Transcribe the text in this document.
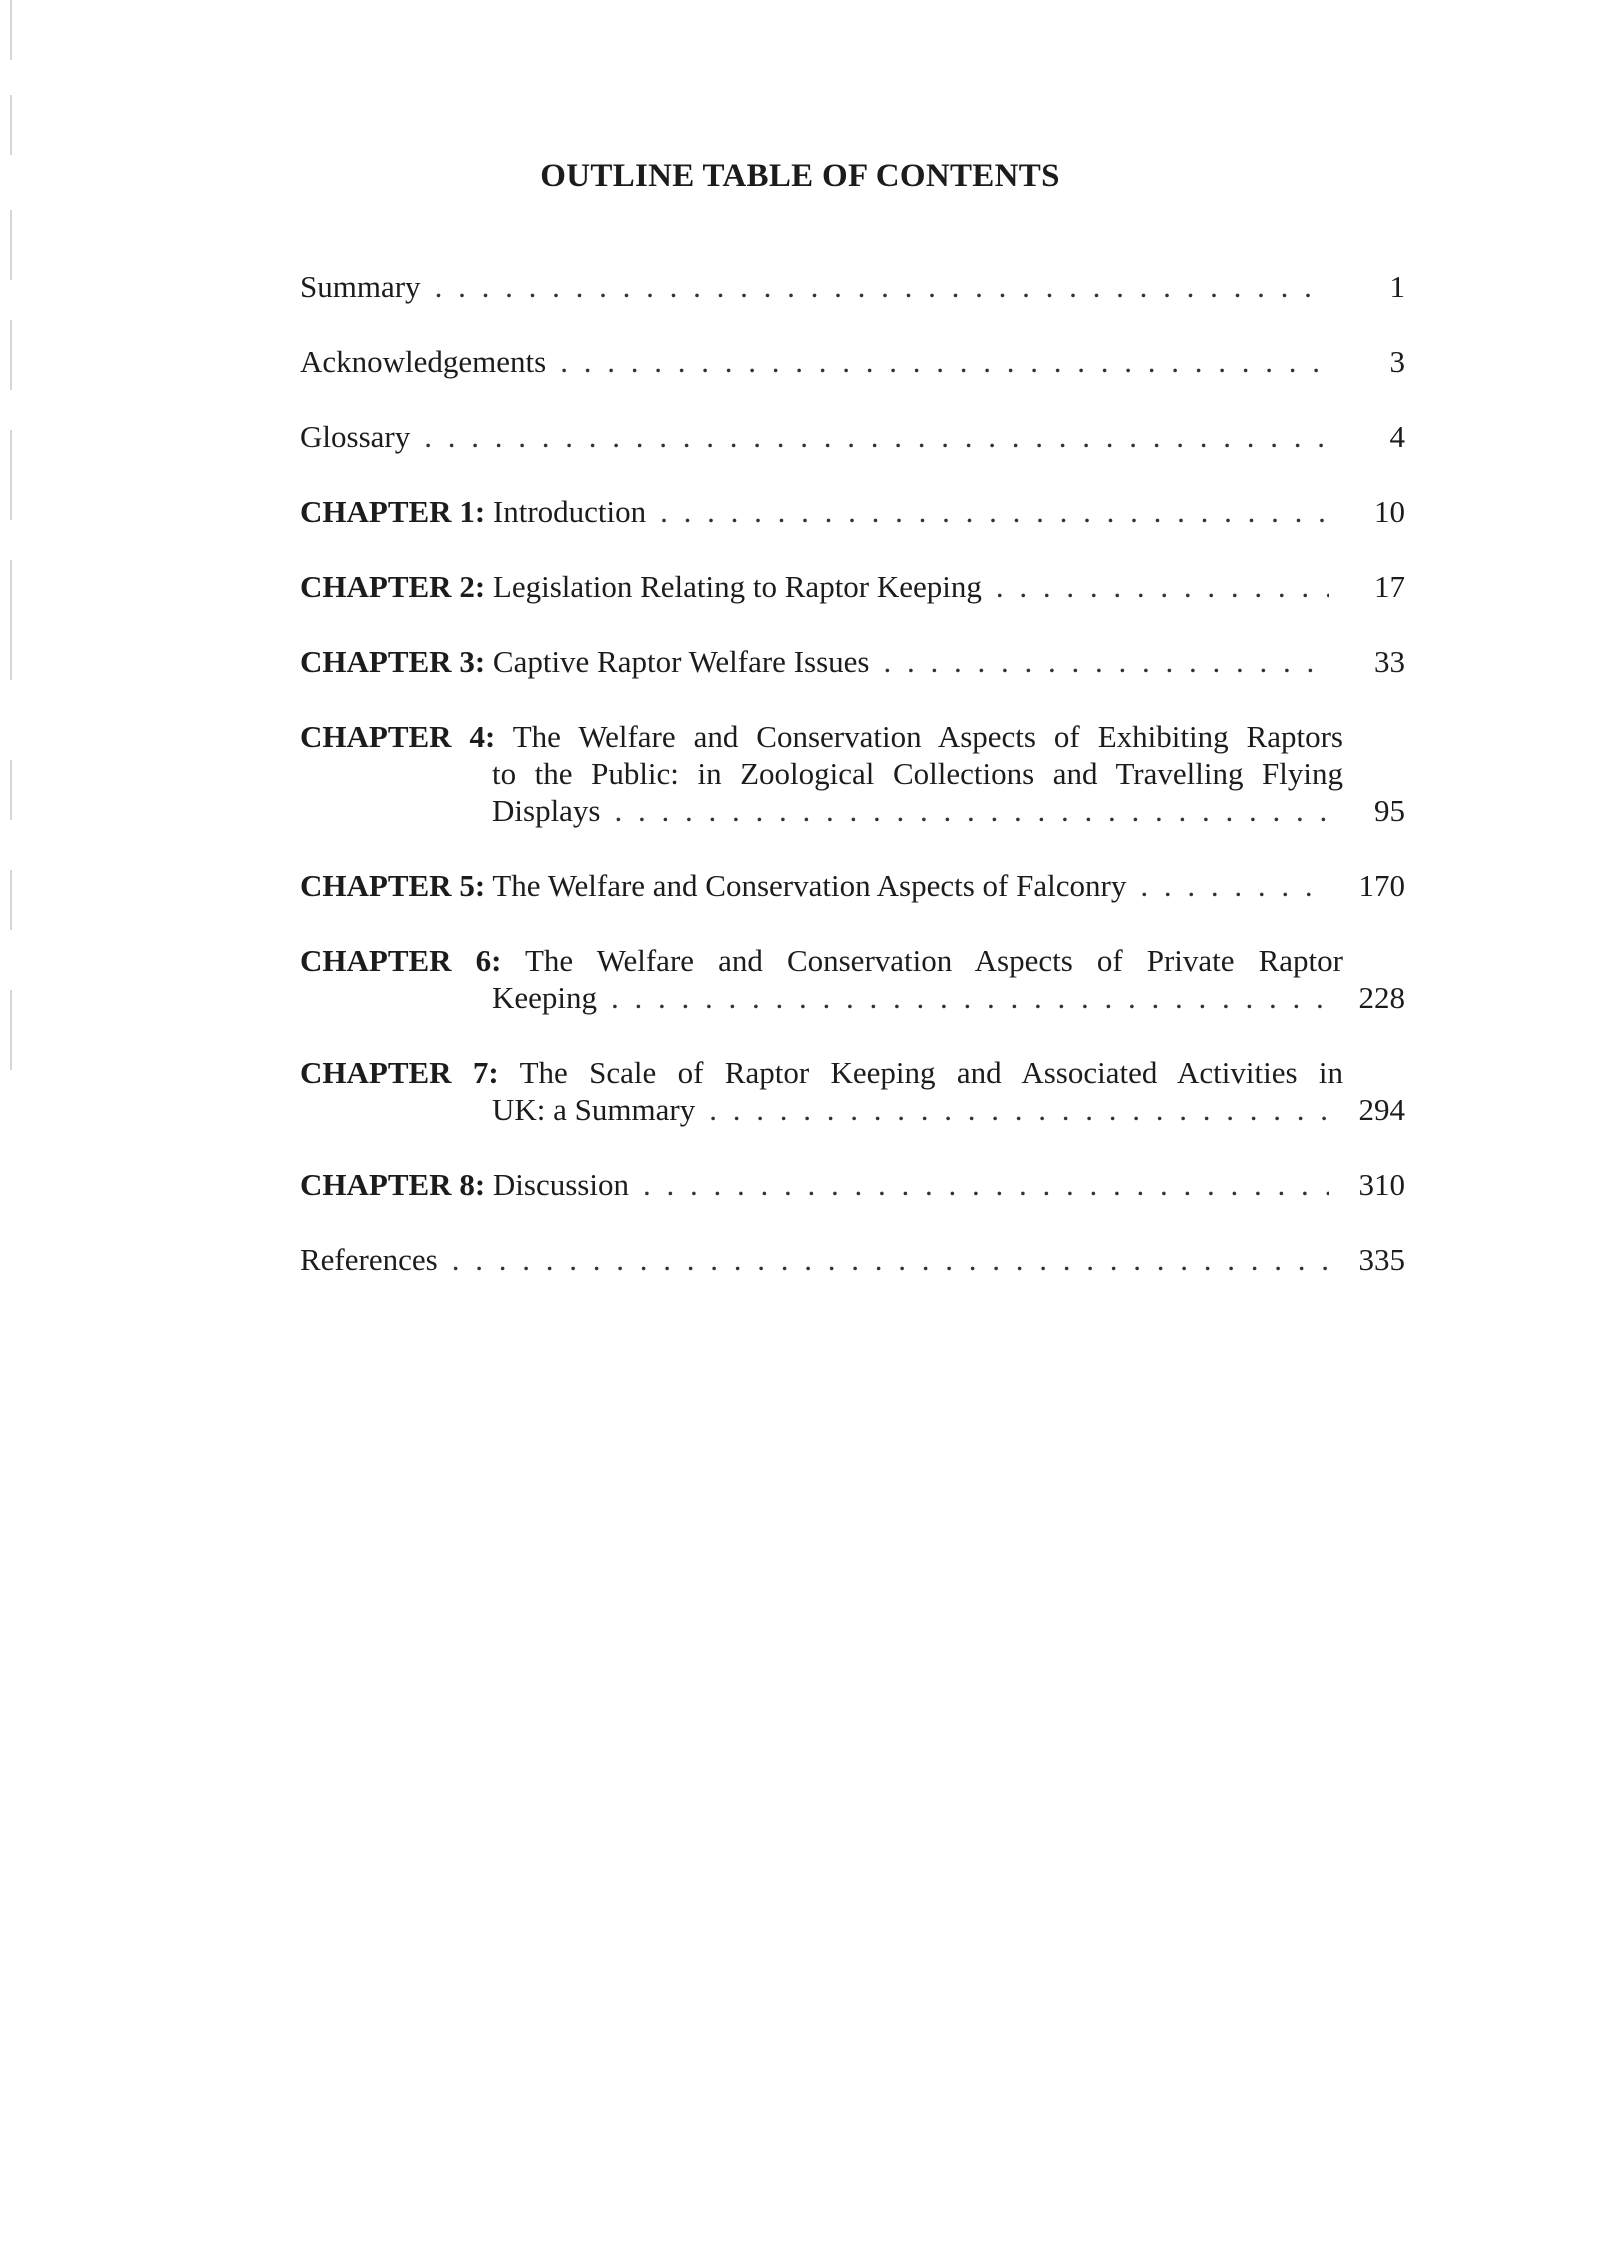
OUTLINE TABLE OF CONTENTS
Summary . . .	1
Acknowledgements . . .	3
Glossary . . .	4
CHAPTER 1: Introduction . . .	10
CHAPTER 2: Legislation Relating to Raptor Keeping . . .	17
CHAPTER 3: Captive Raptor Welfare Issues . . .	33
CHAPTER 4: The Welfare and Conservation Aspects of Exhibiting Raptors
to the Public: in Zoological Collections and Travelling Flying
Displays . . .	95
CHAPTER 5: The Welfare and Conservation Aspects of Falconry . . .	170
CHAPTER 6: The Welfare and Conservation Aspects of Private Raptor
Keeping . . .	228
CHAPTER 7: The Scale of Raptor Keeping and Associated Activities in
UK: a Summary . . .	294
CHAPTER 8: Discussion . . .	310
References . . .	335
